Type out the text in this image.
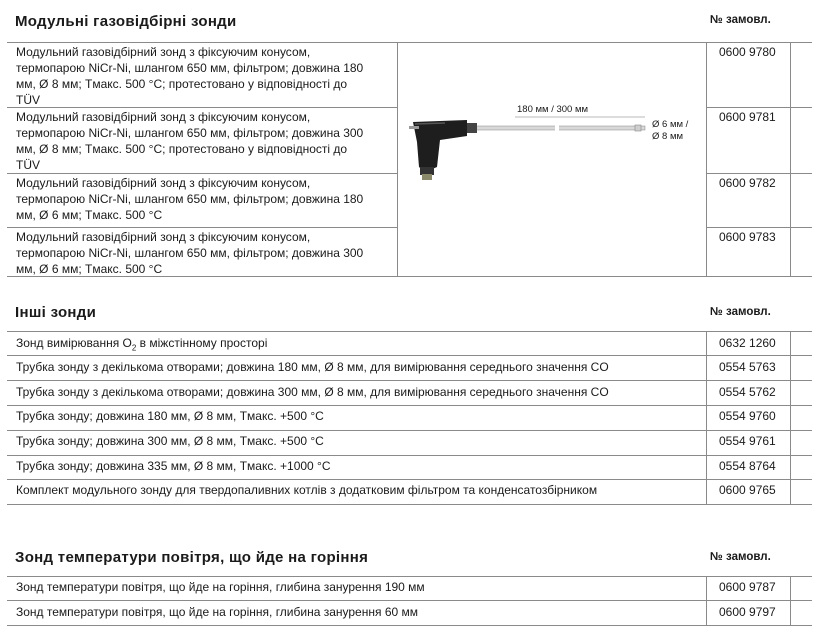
Модульні газовідбірні зонди	№ замовл.
Модульний газовідбірний зонд з фіксуючим конусом,
термопарою NiCr-Ni, шлангом 650 мм, фільтром; довжина 180
мм, Ø 8 мм; Tмакс. 500 °C; протестовано у відповідності до
TÜV
0600 9780
Модульний газовідбірний зонд з фіксуючим конусом,
термопарою NiCr-Ni, шлангом 650 мм, фільтром; довжина 300
мм, Ø 8 мм; Tмакс. 500 °C; протестовано у відповідності до
TÜV
0600 9781
Модульний газовідбірний зонд з фіксуючим конусом,
термопарою NiCr-Ni, шлангом 650 мм, фільтром; довжина 180
мм, Ø 6 мм; Tмакс. 500 °C
0600 9782
Модульний газовідбірний зонд з фіксуючим конусом,
термопарою NiCr-Ni, шлангом 650 мм, фільтром; довжина 300
мм, Ø 6 мм; Tмакс. 500 °C
0600 9783
180 мм / 300 мм
Ø 6 мм /
Ø 8 мм
Інші зонди	№ замовл.
Зонд вимірювання $O_2$ в міжстінному просторі	0632 1260
Трубка зонду з декількома отворами; довжина 180 мм, Ø 8 мм, для вимірювання середнього значення CO	0554 5763
Трубка зонду з декількома отворами; довжина 300 мм, Ø 8 мм, для вимірювання середнього значення CO	0554 5762
Трубка зонду; довжина 180 мм, Ø 8 мм, Tмакс. +500 °C	0554 9760
Трубка зонду; довжина 300 мм, Ø 8 мм, Tмакс. +500 °C	0554 9761
Трубка зонду; довжина 335 мм, Ø 8 мм, Tмакс. +1000 °C	0554 8764
Комплект модульного зонду для твердопаливних котлів з додатковим фільтром та конденсатозбірником	0600 9765
Зонд температури повітря, що йде на горіння	№ замовл.
Зонд температури повітря, що йде на горіння, глибина занурення 190 мм	0600 9787
Зонд температури повітря, що йде на горіння, глибина занурення 60 мм	0600 9797
